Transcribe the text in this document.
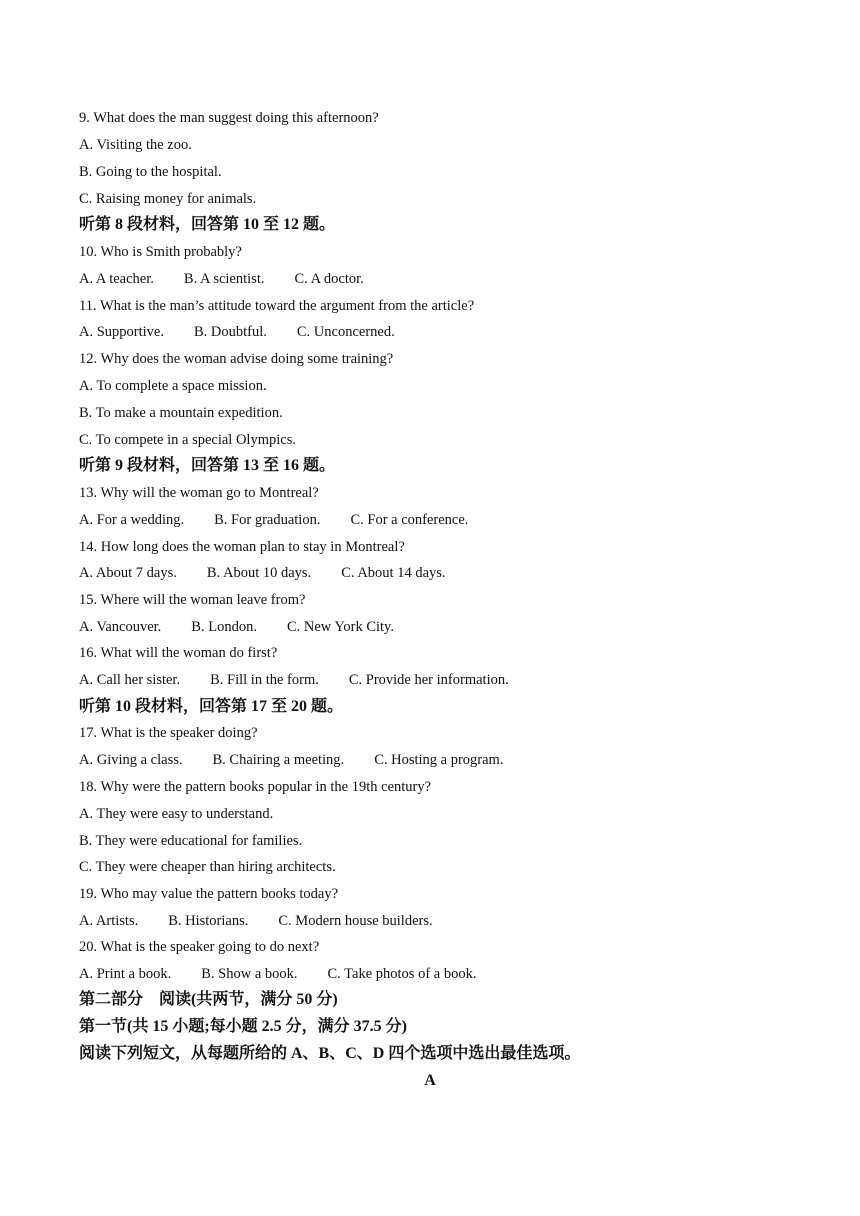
9. What does the man suggest doing this afternoon?
A. Visiting the zoo.
B. Going to the hospital.
C. Raising money for animals.
听第 8 段材料，回答第 10 至 12 题。
10. Who is Smith probably?
A. A teacher. B. A scientist. C. A doctor.
11. What is the man’s attitude toward the argument from the article?
A. Supportive. B. Doubtful. C. Unconcerned.
12. Why does the woman advise doing some training?
A. To complete a space mission.
B. To make a mountain expedition.
C. To compete in a special Olympics.
听第 9 段材料，回答第 13 至 16 题。
13. Why will the woman go to Montreal?
A. For a wedding. B. For graduation. C. For a conference.
14. How long does the woman plan to stay in Montreal?
A. About 7 days. B. About 10 days. C. About 14 days.
15. Where will the woman leave from?
A. Vancouver. B. London. C. New York City.
16. What will the woman do first?
A. Call her sister. B. Fill in the form. C. Provide her information.
听第 10 段材料，回答第 17 至 20 题。
17. What is the speaker doing?
A. Giving a class. B. Chairing a meeting. C. Hosting a program.
18. Why were the pattern books popular in the 19th century?
A. They were easy to understand.
B. They were educational for families.
C. They were cheaper than hiring architects.
19. Who may value the pattern books today?
A. Artists. B. Historians. C. Modern house builders.
20. What is the speaker going to do next?
A. Print a book. B. Show a book. C. Take photos of a book.
第二部分　阅读(共两节，满分 50 分)
第一节(共 15 小题;每小题 2.5 分，满分 37.5 分)
阅读下列短文，从每题所给的 A、B、C、D 四个选项中选出最佳选项。
A
